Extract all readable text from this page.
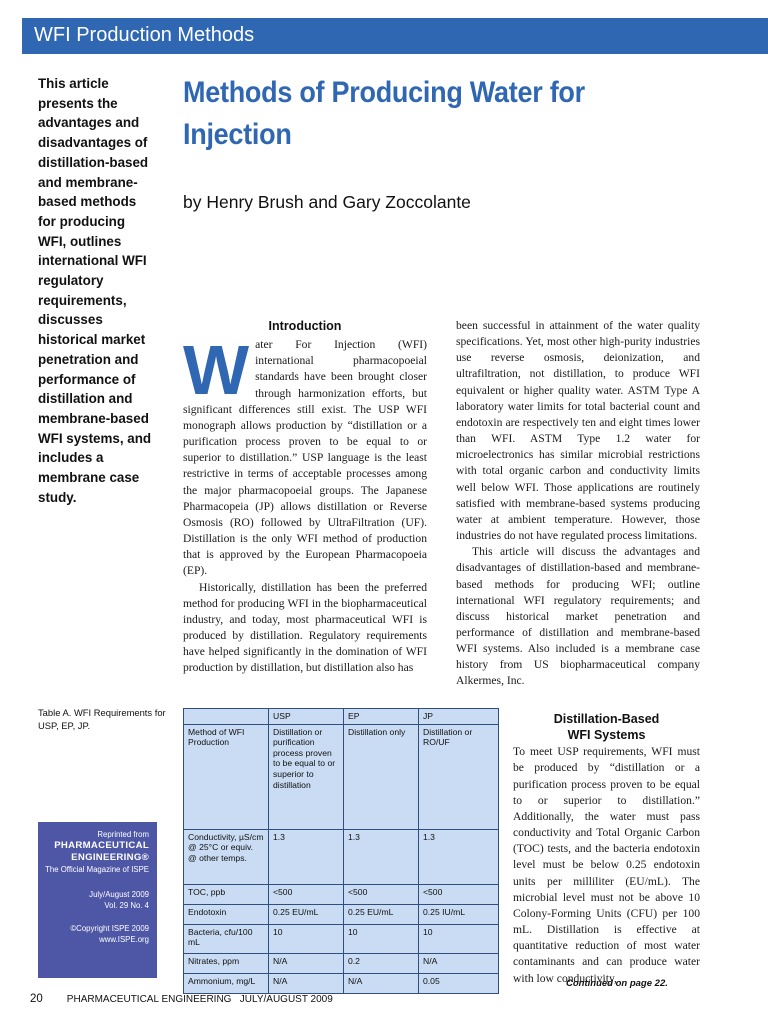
WFI Production Methods
This article presents the advantages and disadvantages of distillation-based and membrane-based methods for producing WFI, outlines international WFI regulatory requirements, discusses historical market penetration and performance of distillation and membrane-based WFI systems, and includes a membrane case study.
Methods of Producing Water for Injection
by Henry Brush and Gary Zoccolante
Introduction
W ater For Injection (WFI) international pharmacopoeial standards have been brought closer through harmonization efforts, but significant differences still exist. The USP WFI monograph allows production by “distillation or a purification process proven to be equal to or superior to distillation.” USP language is the least restrictive in terms of acceptable processes among the major pharmacopoeial groups. The Japanese Pharmacopeia (JP) allows distillation or Reverse Osmosis (RO) followed by UltraFiltration (UF). Distillation is the only WFI method of production that is approved by the European Pharmacopoeia (EP).

Historically, distillation has been the preferred method for producing WFI in the biopharmaceutical industry, and today, most pharmaceutical WFI is produced by distillation. Regulatory requirements have helped significantly in the domination of WFI production by distillation, but distillation also has

been successful in attainment of the water quality specifications. Yet, most other high-purity industries use reverse osmosis, deionization, and ultrafiltration, not distillation, to produce WFI equivalent or higher quality water. ASTM Type A laboratory water limits for total bacterial count and endotoxin are respectively ten and eight times lower than WFI. ASTM Type 1.2 water for microelectronics has similar microbial restrictions with total organic carbon and conductivity limits well below WFI. Those applications are routinely satisfied with membrane-based systems producing water at ambient temperature. However, those industries do not have regulated process limitations.

This article will discuss the advantages and disadvantages of distillation-based and membrane-based methods for producing WFI; outline international WFI regulatory requirements; and discuss historical market penetration and performance of distillation and membrane-based WFI systems. Also included is a membrane case history from US biopharmaceutical company Alkermes, Inc.

Table A. WFI Requirements for USP, EP, JP.
	USP	EP	JP
Method of WFI Production	Distillation or purification process proven to be equal to or superior to distillation	Distillation only	Distillation or RO/UF
Conductivity, µS/cm @ 25°C or equiv. @ other temps.	1.3	1.3	1.3
TOC, ppb	<500	<500	<500
Endotoxin	0.25 EU/mL	0.25 EU/mL	0.25 IU/mL
Bacteria, cfu/100 mL	10	10	10
Nitrates, ppm	N/A	0.2	N/A
Ammonium, mg/L	N/A	N/A	0.05
Distillation-Based
WFI Systems

To meet USP requirements, WFI must be produced by “distillation or a purification process proven to be equal to or superior to distillation.” Additionally, the water must pass conductivity and Total Organic Carbon (TOC) tests, and the bacteria endotoxin level must be below 0.25 endotoxin units per milliliter (EU/mL). The microbial level must not be above 10 Colony-Forming Units (CFU) per 100 mL. Distillation is effective at quantitative reduction of most water contaminants and can produce water with low conductivity,

Continued on page 22.
Reprinted from
PHARMACEUTICAL
ENGINEERING®
The Official Magazine of ISPE
July/August 2009
Vol. 29 No. 4
©Copyright ISPE 2009
www.ISPE.org
20 PHARMACEUTICAL ENGINEERING   JULY/AUGUST 2009
